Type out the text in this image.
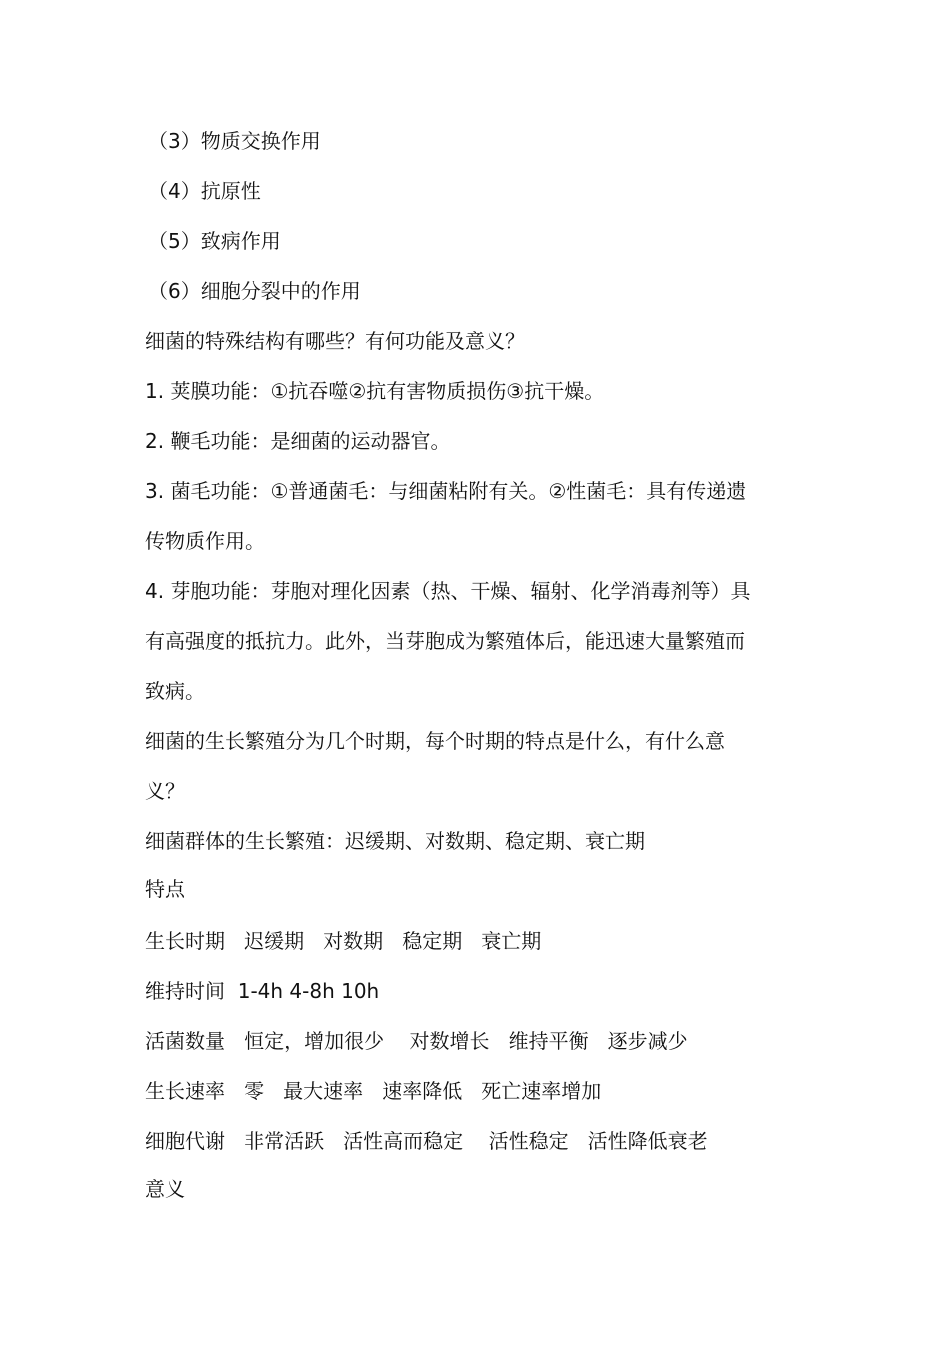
（3）物质交换作用
（4）抗原性
（5）致病作用
（6）细胞分裂中的作用
细菌的特殊结构有哪些？有何功能及意义？
1. 荚膜功能：①抗吞噬②抗有害物质损伤③抗干燥。
2. 鞭毛功能：是细菌的运动器官。
3. 菌毛功能：①普通菌毛：与细菌粘附有关。②性菌毛：具有传递遗
传物质作用。
4. 芽胞功能：芽胞对理化因素（热、干燥、辐射、化学消毒剂等）具
有高强度的抵抗力。此外，当芽胞成为繁殖体后，能迅速大量繁殖而
致病。
细菌的生长繁殖分为几个时期，每个时期的特点是什么，有什么意
义？
细菌群体的生长繁殖：迟缓期、对数期、稳定期、衰亡期
特点
生长时期   迟缓期   对数期   稳定期   衰亡期
维持时间  1-4h 4-8h 10h
活菌数量   恒定，增加很少    对数增长   维持平衡   逐步减少
生长速率   零   最大速率   速率降低   死亡速率增加
细胞代谢   非常活跃   活性高而稳定    活性稳定   活性降低衰老
意义
